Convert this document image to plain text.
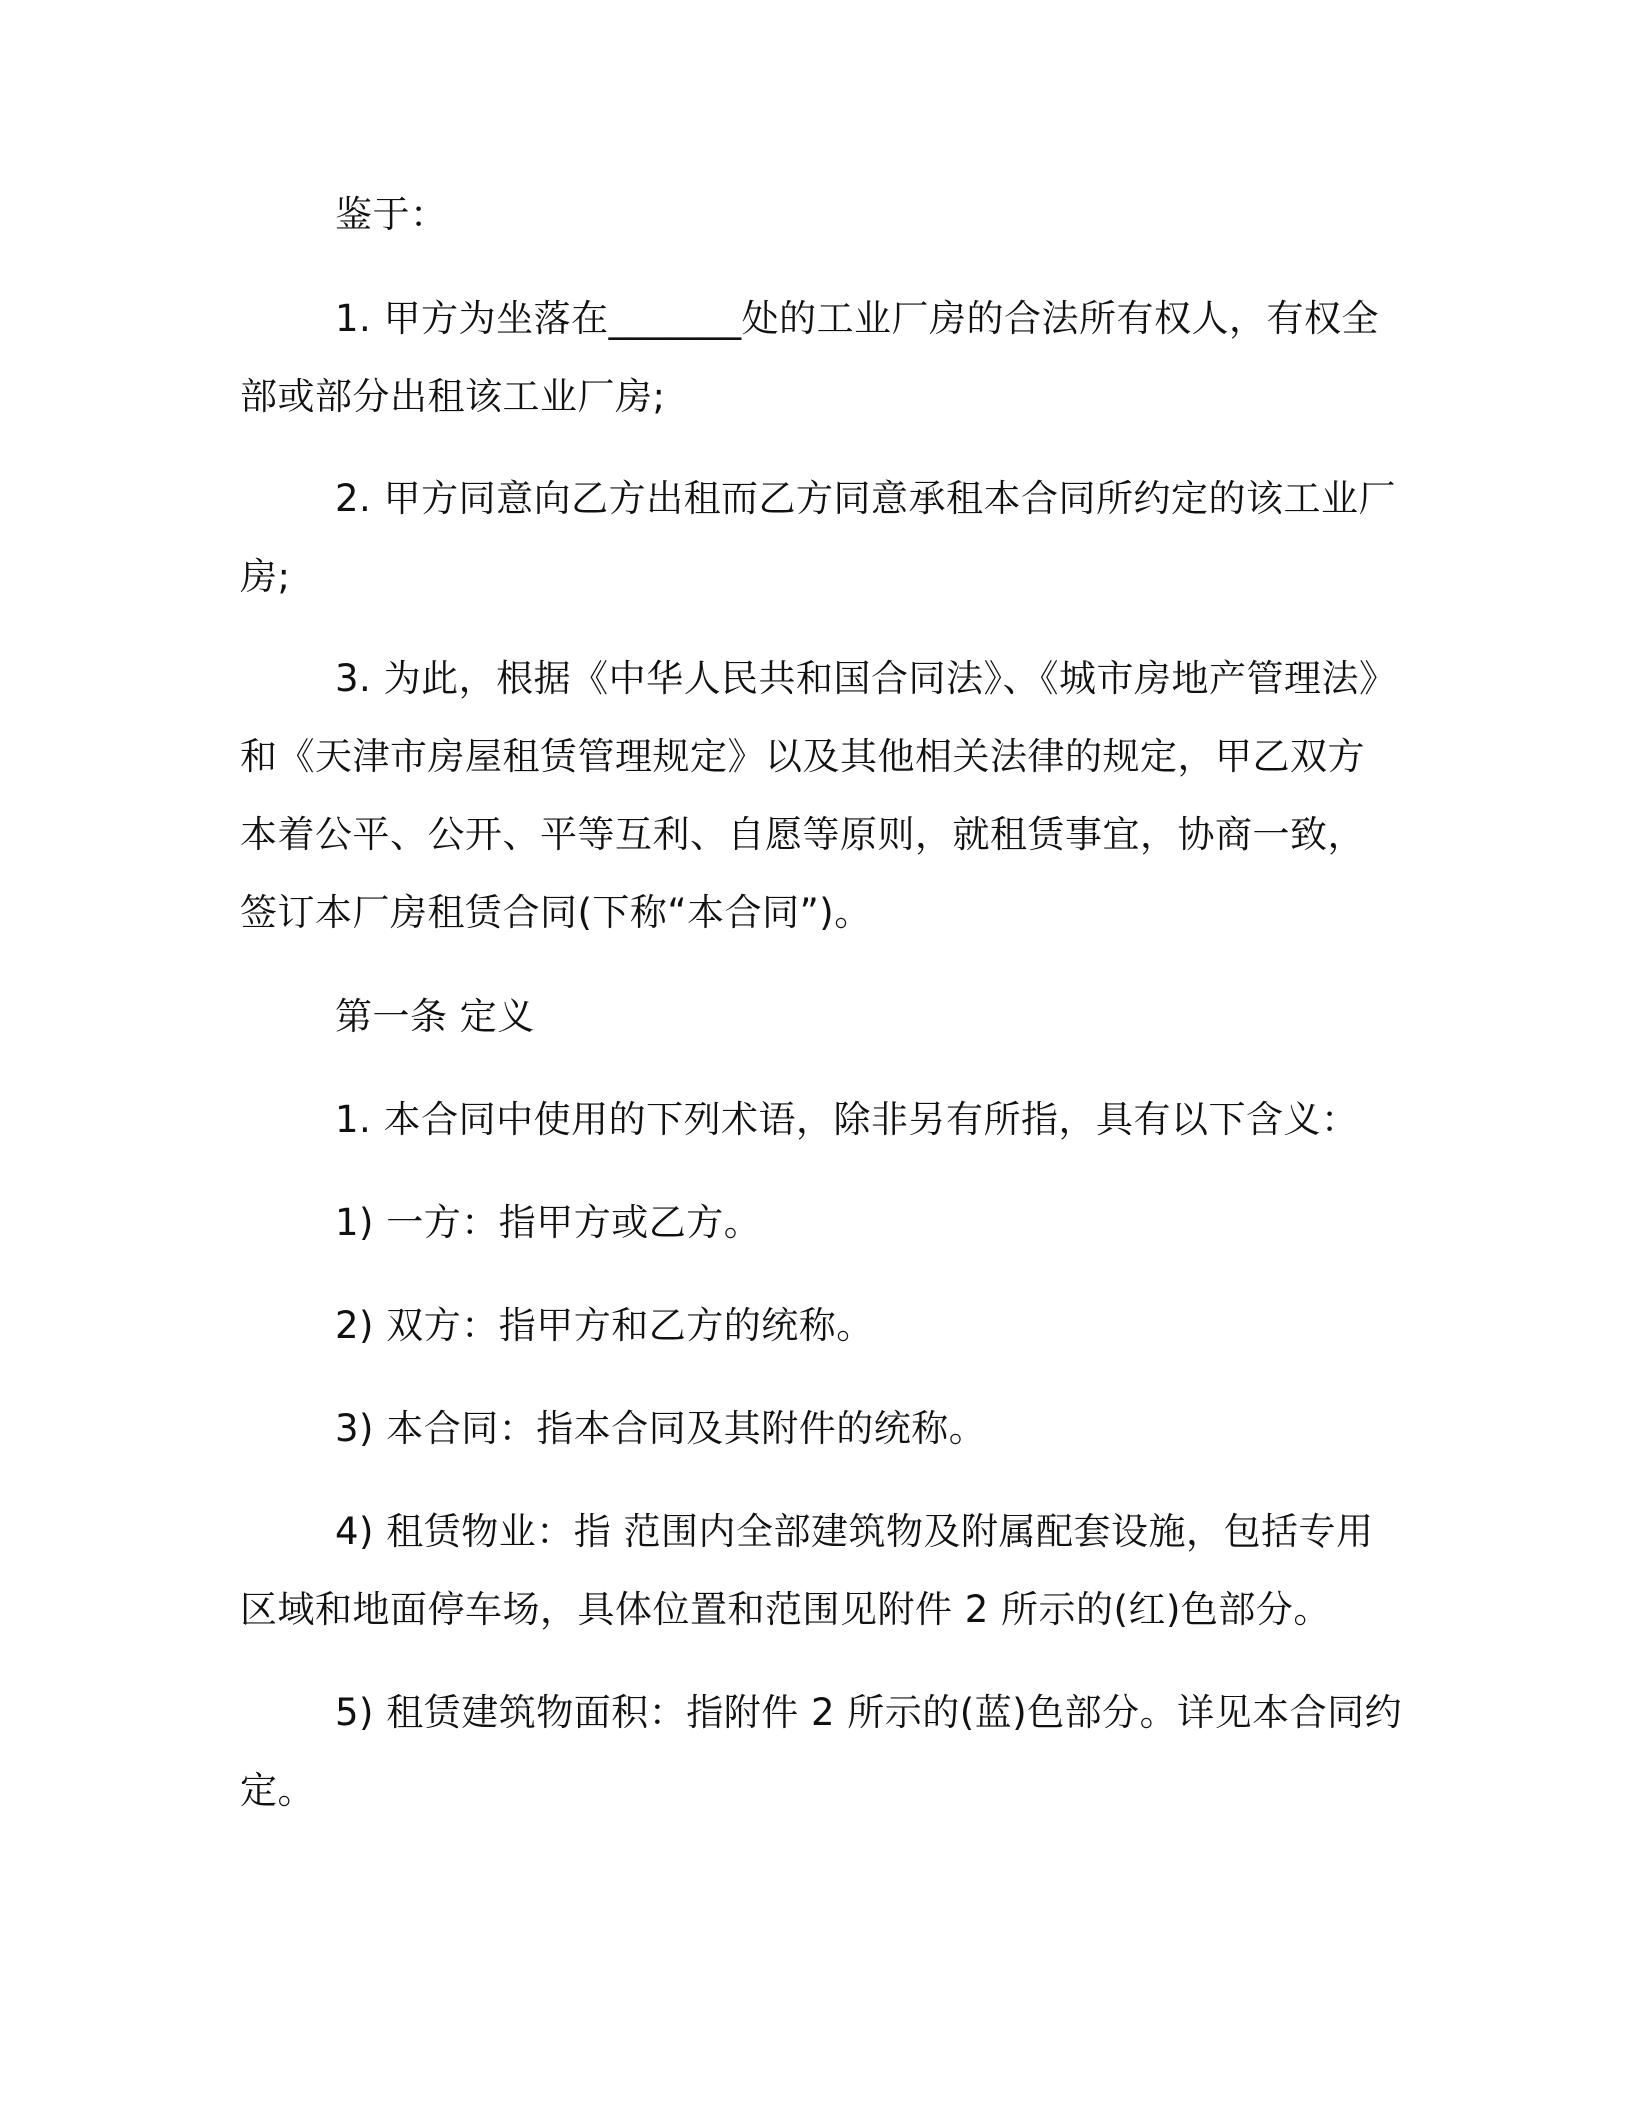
鉴于：

1. 甲方为坐落在_______处的工业厂房的合法所有权人，有权全
部或部分出租该工业厂房;

2. 甲方同意向乙方出租而乙方同意承租本合同所约定的该工业厂
房;

3. 为此，根据《中华人民共和国合同法》、《城市房地产管理法》
和《天津市房屋租赁管理规定》以及其他相关法律的规定，甲乙双方
本着公平、公开、平等互利、自愿等原则，就租赁事宜，协商一致，
签订本厂房租赁合同(下称“本合同”)。

第一条 定义

1. 本合同中使用的下列术语，除非另有所指，具有以下含义：

1) 一方：指甲方或乙方。

2) 双方：指甲方和乙方的统称。

3) 本合同：指本合同及其附件的统称。

4) 租赁物业：指 范围内全部建筑物及附属配套设施，包括专用
区域和地面停车场，具体位置和范围见附件 2 所示的(红)色部分。

5) 租赁建筑物面积：指附件 2 所示的(蓝)色部分。详见本合同约
定。
